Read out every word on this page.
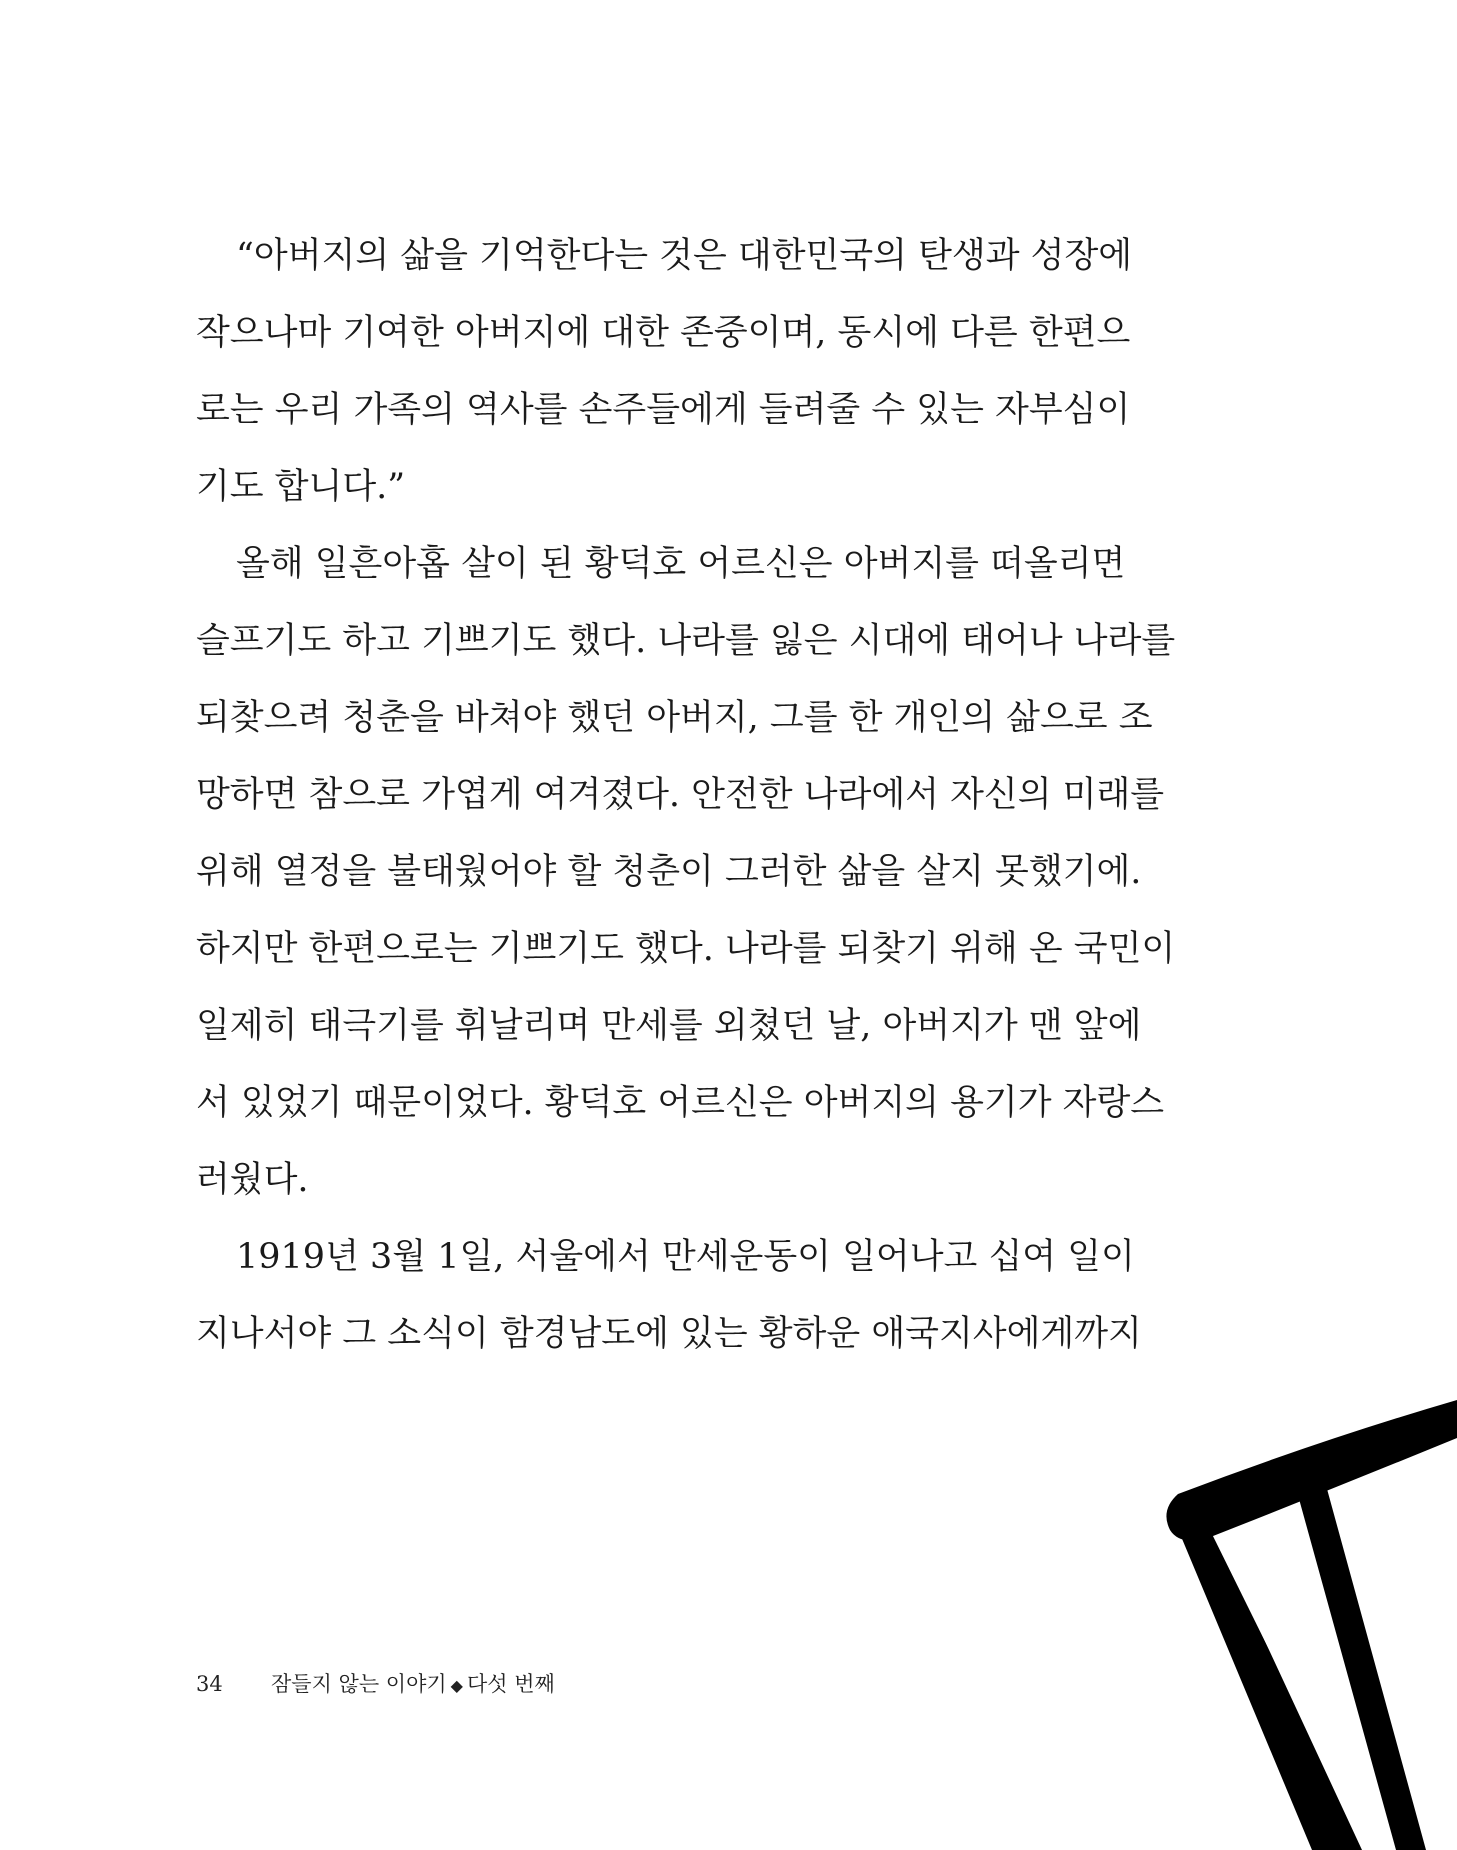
“아버지의 삶을 기억한다는 것은 대한민국의 탄생과 성장에
작으나마 기여한 아버지에 대한 존중이며, 동시에 다른 한편으
로는 우리 가족의 역사를 손주들에게 들려줄 수 있는 자부심이
기도 합니다.”
올해 일흔아홉 살이 된 황덕호 어르신은 아버지를 떠올리면
슬프기도 하고 기쁘기도 했다. 나라를 잃은 시대에 태어나 나라를
되찾으려 청춘을 바쳐야 했던 아버지, 그를 한 개인의 삶으로 조
망하면 참으로 가엽게 여겨졌다. 안전한 나라에서 자신의 미래를
위해 열정을 불태웠어야 할 청춘이 그러한 삶을 살지 못했기에.
하지만 한편으로는 기쁘기도 했다. 나라를 되찾기 위해 온 국민이
일제히 태극기를 휘날리며 만세를 외쳤던 날, 아버지가 맨 앞에
서 있었기 때문이었다. 황덕호 어르신은 아버지의 용기가 자랑스
러웠다.
1919년 3월 1일, 서울에서 만세운동이 일어나고 십여 일이
지나서야 그 소식이 함경남도에 있는 황하운 애국지사에게까지
34 잠들지 않는 이야기 ◆ 다섯 번째
